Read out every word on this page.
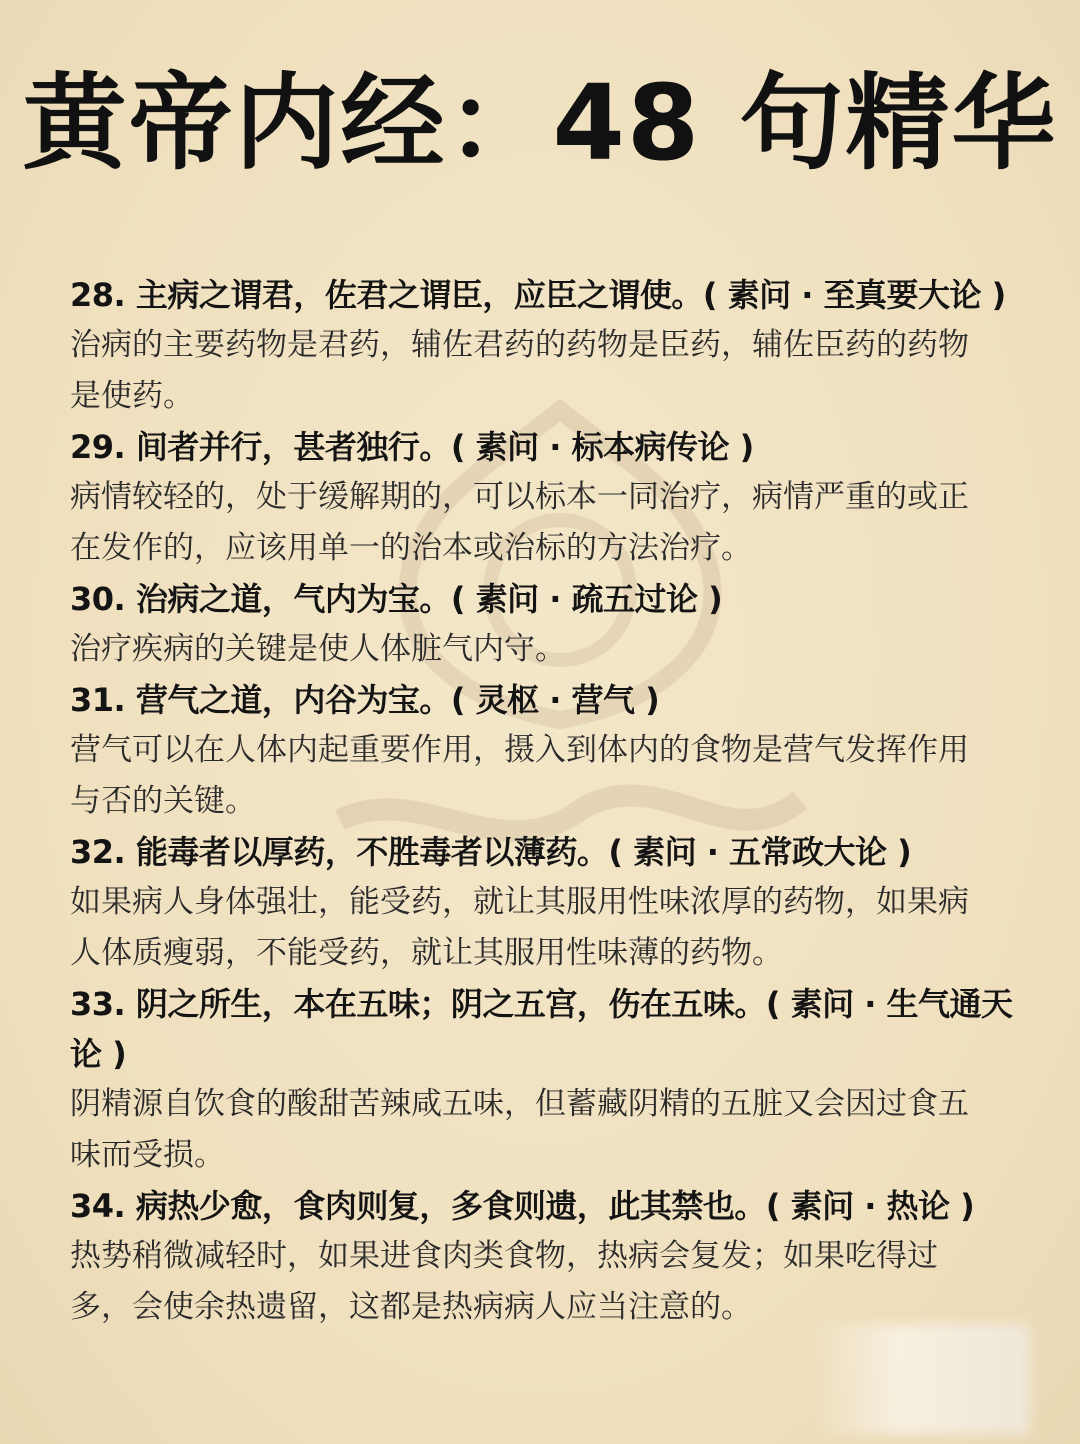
黄帝内经：48 句精华

28. 主病之谓君，佐君之谓臣，应臣之谓使。( 素问 · 至真要大论 )

治病的主要药物是君药，辅佐君药的药物是臣药，辅佐臣药的药物是使药。

29. 间者并行，甚者独行。( 素问 · 标本病传论 )

病情较轻的，处于缓解期的，可以标本一同治疗，病情严重的或正在发作的，应该用单一的治本或治标的方法治疗。

30. 治病之道，气内为宝。( 素问 · 疏五过论 )

治疗疾病的关键是使人体脏气内守。

31. 营气之道，内谷为宝。( 灵枢 · 营气 )

营气可以在人体内起重要作用，摄入到体内的食物是营气发挥作用与否的关键。

32. 能毒者以厚药，不胜毒者以薄药。( 素问 · 五常政大论 )

如果病人身体强壮，能受药，就让其服用性味浓厚的药物，如果病人体质瘦弱，不能受药，就让其服用性味薄的药物。

33. 阴之所生，本在五味；阴之五宫，伤在五味。( 素问 · 生气通天论 )

阴精源自饮食的酸甜苦辣咸五味，但蓄藏阴精的五脏又会因过食五味而受损。

34. 病热少愈，食肉则复，多食则遗，此其禁也。( 素问 · 热论 )

热势稍微减轻时，如果进食肉类食物，热病会复发；如果吃得过多，会使余热遗留，这都是热病病人应当注意的。
